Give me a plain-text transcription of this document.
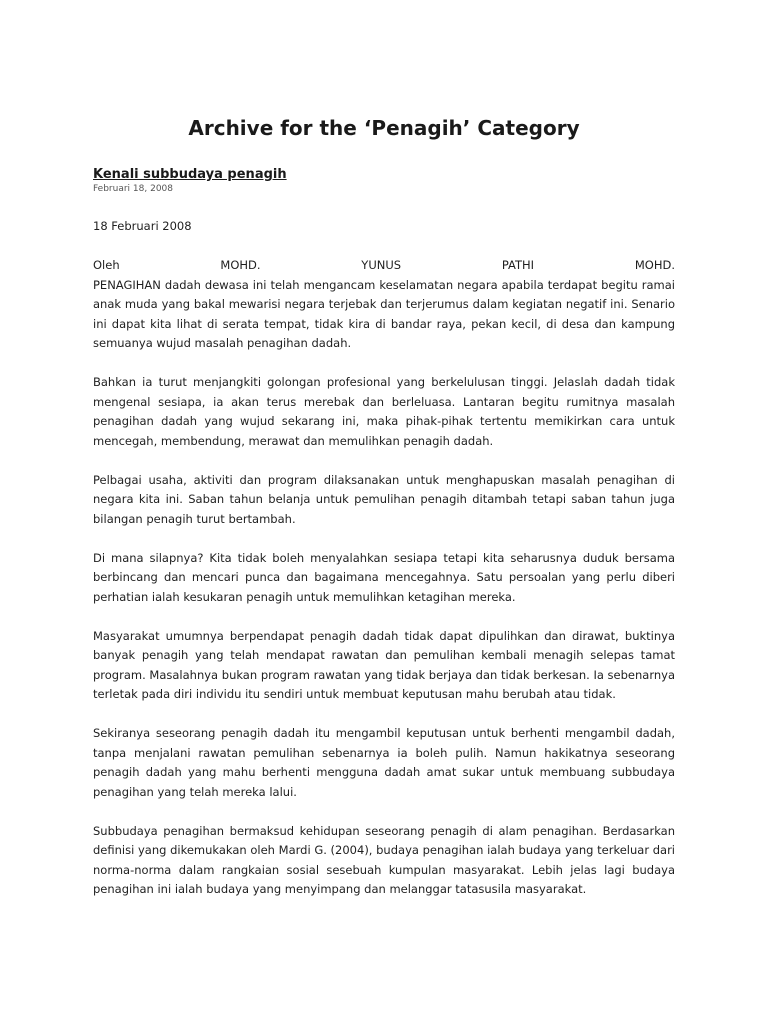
Archive for the ‘Penagih’ Category
Kenali subbudaya penagih
Februari 18, 2008

18 Februari 2008

Oleh	MOHD.	YUNUS	PATHI	MOHD.
PENAGIHAN dadah dewasa ini telah mengancam keselamatan negara apabila terdapat begitu ramai anak muda yang bakal mewarisi negara terjebak dan terjerumus dalam kegiatan negatif ini. Senario ini dapat kita lihat di serata tempat, tidak kira di bandar raya, pekan kecil, di desa dan kampung semuanya wujud masalah penagihan dadah.

Bahkan ia turut menjangkiti golongan profesional yang berkelulusan tinggi. Jelaslah dadah tidak mengenal sesiapa, ia akan terus merebak dan berleluasa. Lantaran begitu rumitnya masalah penagihan dadah yang wujud sekarang ini, maka pihak-pihak tertentu memikirkan cara untuk mencegah, membendung, merawat dan memulihkan penagih dadah.

Pelbagai usaha, aktiviti dan program dilaksanakan untuk menghapuskan masalah penagihan di negara kita ini. Saban tahun belanja untuk pemulihan penagih ditambah tetapi saban tahun juga bilangan penagih turut bertambah.

Di mana silapnya? Kita tidak boleh menyalahkan sesiapa tetapi kita seharusnya duduk bersama berbincang dan mencari punca dan bagaimana mencegahnya. Satu persoalan yang perlu diberi perhatian ialah kesukaran penagih untuk memulihkan ketagihan mereka.

Masyarakat umumnya berpendapat penagih dadah tidak dapat dipulihkan dan dirawat, buktinya banyak penagih yang telah mendapat rawatan dan pemulihan kembali menagih selepas tamat program. Masalahnya bukan program rawatan yang tidak berjaya dan tidak berkesan. Ia sebenarnya terletak pada diri individu itu sendiri untuk membuat keputusan mahu berubah atau tidak.

Sekiranya seseorang penagih dadah itu mengambil keputusan untuk berhenti mengambil dadah, tanpa menjalani rawatan pemulihan sebenarnya ia boleh pulih. Namun hakikatnya seseorang penagih dadah yang mahu berhenti mengguna dadah amat sukar untuk membuang subbudaya penagihan yang telah mereka lalui.

Subbudaya penagihan bermaksud kehidupan seseorang penagih di alam penagihan. Berdasarkan definisi yang dikemukakan oleh Mardi G. (2004), budaya penagihan ialah budaya yang terkeluar dari norma-norma dalam rangkaian sosial sesebuah kumpulan masyarakat. Lebih jelas lagi budaya penagihan ini ialah budaya yang menyimpang dan melanggar tatasusila masyarakat.
